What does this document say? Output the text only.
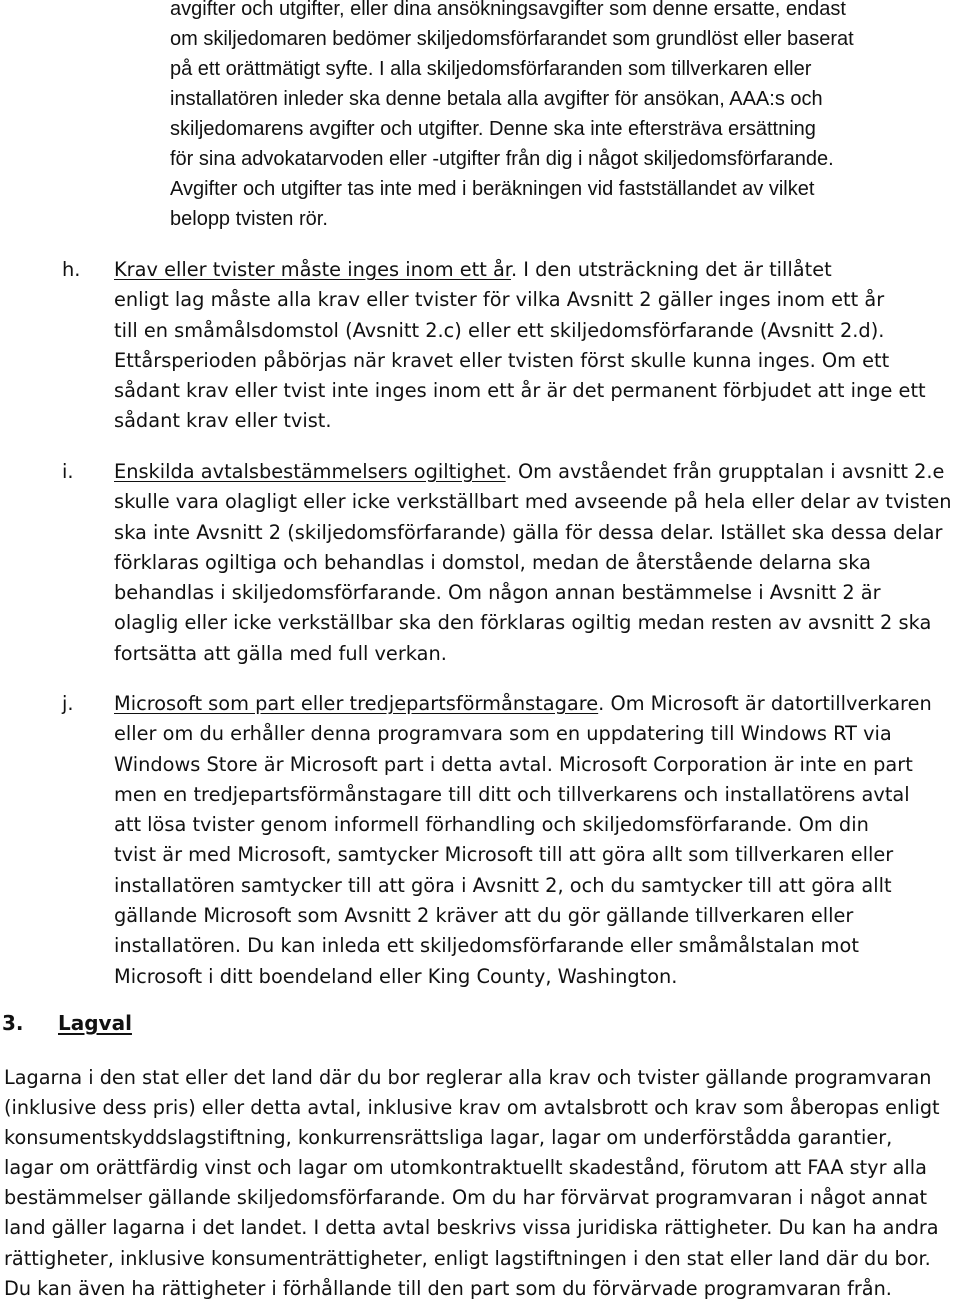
avgifter och utgifter, eller dina ansökningsavgifter som denne ersatte, endast
om skiljedomaren bedömer skiljedomsförfarandet som grundlöst eller baserat
på ett orättmätigt syfte. I alla skiljedomsförfaranden som tillverkaren eller
installatören inleder ska denne betala alla avgifter för ansökan, AAA:s och
skiljedomarens avgifter och utgifter. Denne ska inte eftersträva ersättning
för sina advokatarvoden eller -utgifter från dig i något skiljedomsförfarande.
Avgifter och utgifter tas inte med i beräkningen vid fastställandet av vilket
belopp tvisten rör.
h. Krav eller tvister måste inges inom ett år. I den utsträckning det är tillåtet
enligt lag måste alla krav eller tvister för vilka Avsnitt 2 gäller inges inom ett år
till en småmålsdomstol (Avsnitt 2.c) eller ett skiljedomsförfarande (Avsnitt 2.d).
Ettårsperioden påbörjas när kravet eller tvisten först skulle kunna inges. Om ett
sådant krav eller tvist inte inges inom ett år är det permanent förbjudet att inge ett
sådant krav eller tvist.
i. Enskilda avtalsbestämmelsers ogiltighet. Om avståendet från grupptalan i avsnitt 2.e
skulle vara olagligt eller icke verkställbart med avseende på hela eller delar av tvisten
ska inte Avsnitt 2 (skiljedomsförfarande) gälla för dessa delar. Istället ska dessa delar
förklaras ogiltiga och behandlas i domstol, medan de återstående delarna ska
behandlas i skiljedomsförfarande. Om någon annan bestämmelse i Avsnitt 2 är
olaglig eller icke verkställbar ska den förklaras ogiltig medan resten av avsnitt 2 ska
fortsätta att gälla med full verkan.
j. Microsoft som part eller tredjepartsförmånstagare. Om Microsoft är datortillverkaren
eller om du erhåller denna programvara som en uppdatering till Windows RT via
Windows Store är Microsoft part i detta avtal. Microsoft Corporation är inte en part
men en tredjepartsförmånstagare till ditt och tillverkarens och installatörens avtal
att lösa tvister genom informell förhandling och skiljedomsförfarande. Om din
tvist är med Microsoft, samtycker Microsoft till att göra allt som tillverkaren eller
installatören samtycker till att göra i Avsnitt 2, och du samtycker till att göra allt
gällande Microsoft som Avsnitt 2 kräver att du gör gällande tillverkaren eller
installatören. Du kan inleda ett skiljedomsförfarande eller småmålstalan mot
Microsoft i ditt boendeland eller King County, Washington.
3. Lagval
Lagarna i den stat eller det land där du bor reglerar alla krav och tvister gällande programvaran
(inklusive dess pris) eller detta avtal, inklusive krav om avtalsbrott och krav som åberopas enligt
konsumentskyddslagstiftning, konkurrensrättsliga lagar, lagar om underförstådda garantier,
lagar om orättfärdig vinst och lagar om utomkontraktuellt skadestånd, förutom att FAA styr alla
bestämmelser gällande skiljedomsförfarande. Om du har förvärvat programvaran i något annat
land gäller lagarna i det landet. I detta avtal beskrivs vissa juridiska rättigheter. Du kan ha andra
rättigheter, inklusive konsumenträttigheter, enligt lagstiftningen i den stat eller land där du bor.
Du kan även ha rättigheter i förhållande till den part som du förvärvade programvaran från.
